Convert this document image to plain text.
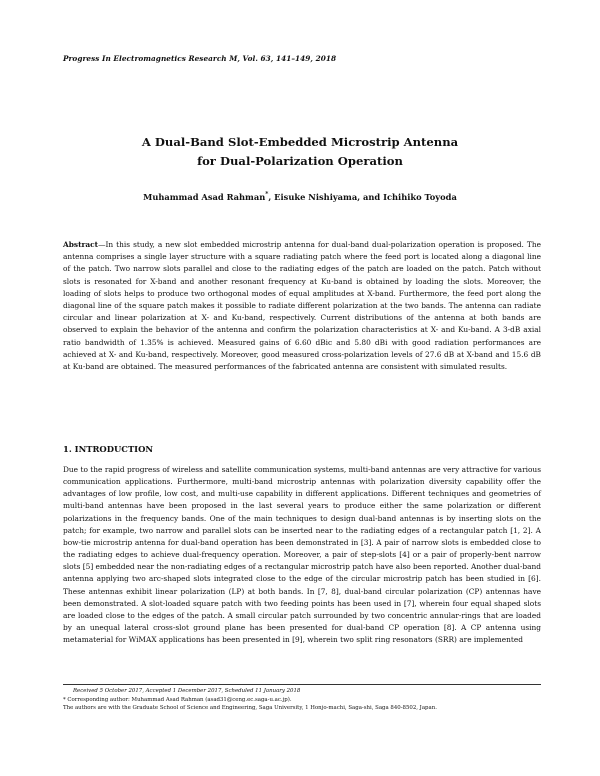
Progress In Electromagnetics Research M, Vol. 63, 141–149, 2018
A Dual-Band Slot-Embedded Microstrip Antenna
for Dual-Polarization Operation
Muhammad Asad Rahman*, Eisuke Nishiyama, and Ichihiko Toyoda
Abstract—In this study, a new slot embedded microstrip antenna for dual-band dual-polarization operation is proposed. The antenna comprises a single layer structure with a square radiating patch where the feed port is located along a diagonal line of the patch. Two narrow slots parallel and close to the radiating edges of the patch are loaded on the patch. Patch without slots is resonated for X-band and another resonant frequency at Ku-band is obtained by loading the slots. Moreover, the loading of slots helps to produce two orthogonal modes of equal amplitudes at X-band. Furthermore, the feed port along the diagonal line of the square patch makes it possible to radiate different polarization at the two bands. The antenna can radiate circular and linear polarization at X- and Ku-band, respectively. Current distributions of the antenna at both bands are observed to explain the behavior of the antenna and confirm the polarization characteristics at X- and Ku-band. A 3-dB axial ratio bandwidth of 1.35% is achieved. Measured gains of 6.60 dBic and 5.80 dBi with good radiation performances are achieved at X- and Ku-band, respectively. Moreover, good measured cross-polarization levels of 27.6 dB at X-band and 15.6 dB at Ku-band are obtained. The measured performances of the fabricated antenna are consistent with simulated results.
1. INTRODUCTION
Due to the rapid progress of wireless and satellite communication systems, multi-band antennas are very attractive for various communication applications. Furthermore, multi-band microstrip antennas with polarization diversity capability offer the advantages of low profile, low cost, and multi-use capability in different applications. Different techniques and geometries of multi-band antennas have been proposed in the last several years to produce either the same polarization or different polarizations in the frequency bands. One of the main techniques to design dual-band antennas is by inserting slots on the patch; for example, two narrow and parallel slots can be inserted near to the radiating edges of a rectangular patch [1, 2]. A bow-tie microstrip antenna for dual-band operation has been demonstrated in [3]. A pair of narrow slots is embedded close to the radiating edges to achieve dual-frequency operation. Moreover, a pair of step-slots [4] or a pair of properly-bent narrow slots [5] embedded near the non-radiating edges of a rectangular microstrip patch have also been reported. Another dual-band antenna applying two arc-shaped slots integrated close to the edge of the circular microstrip patch has been studied in [6]. These antennas exhibit linear polarization (LP) at both bands. In [7, 8], dual-band circular polarization (CP) antennas have been demonstrated. A slot-loaded square patch with two feeding points has been used in [7], wherein four equal shaped slots are loaded close to the edges of the patch. A small circular patch surrounded by two concentric annular-rings that are loaded by an unequal lateral cross-slot ground plane has been presented for dual-band CP operation [8]. A CP antenna using metamaterial for WiMAX applications has been presented in [9], wherein two split ring resonators (SRR) are implemented
Received 5 October 2017, Accepted 1 December 2017, Scheduled 11 January 2018
* Corresponding author: Muhammad Asad Rahman (asad31@ceng.ec.saga-u.ac.jp).
The authors are with the Graduate School of Science and Engineering, Saga University, 1 Honjo-machi, Saga-shi, Saga 840-8502, Japan.
